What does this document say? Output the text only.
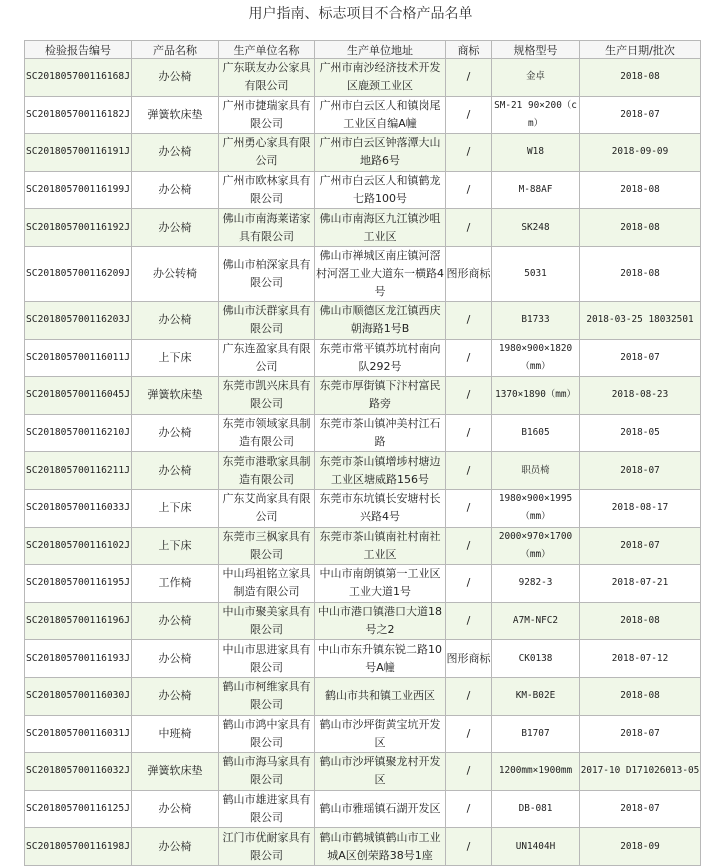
用户指南、标志项目不合格产品名单
检验报告编号	产品名称	生产单位名称	生产单位地址	商标	规格型号	生产日期/批次

SC201805700116168J	办公椅	广东联友办公家具有限公司	广州市南沙经济技术开发区鹿颈工业区	/	金卓	2018-08

SC201805700116182J	弹簧软床垫	广州市捷瑞家具有限公司	广州市白云区人和镇岗尾工业区自编A幢	/	SM-21 90×200（cm）	2018-07

SC201805700116191J	办公椅	广州勇心家具有限公司	广州市白云区钟落潭大山地路6号	/	W18	2018-09-09

SC201805700116199J	办公椅	广州市欧林家具有限公司	广州市白云区人和镇鹤龙七路100号	/	M-88AF	2018-08

SC201805700116192J	办公椅	佛山市南海莱诺家具有限公司	佛山市南海区九江镇沙咀工业区	/	SK248	2018-08

SC201805700116209J	办公转椅	佛山市柏深家具有限公司	佛山市禅城区南庄镇河滘村河滘工业大道东一横路4号	图形商标	5031	2018-08

SC201805700116203J	办公椅	佛山市沃群家具有限公司	佛山市顺德区龙江镇西庆朝海路1号B	/	B1733	2018-03-25 18032501

SC201805700116011J	上下床	广东连盈家具有限公司	东莞市常平镇苏坑村南向队292号	/	1980×900×1820（mm）	2018-07

SC201805700116045J	弹簧软床垫	东莞市凯兴床具有限公司	东莞市厚街镇下汴村富民路旁	/	1370×1890（mm）	2018-08-23

SC201805700116210J	办公椅	东莞市领域家具制造有限公司	东莞市茶山镇冲美村江石路	/	B1605	2018-05

SC201805700116211J	办公椅	东莞市港歌家具制造有限公司	东莞市茶山镇增埗村塘边工业区塘威路156号	/	职员椅	2018-07

SC201805700116033J	上下床	广东艾尚家具有限公司	东莞市东坑镇长安塘村长兴路4号	/	1980×900×1995（mm）	2018-08-17

SC201805700116102J	上下床	东莞市三枫家具有限公司	东莞市茶山镇南社村南社工业区	/	2000×970×1700（mm）	2018-07

SC201805700116195J	工作椅	中山玛祖铭立家具制造有限公司	中山市南朗镇第一工业区工业大道1号	/	9282-3	2018-07-21

SC201805700116196J	办公椅	中山市聚美家具有限公司	中山市港口镇港口大道18号之2	/	A7M-NFC2	2018-08

SC201805700116193J	办公椅	中山市思进家具有限公司	中山市东升镇东锐二路10号A幢	图形商标	CK0138	2018-07-12

SC201805700116030J	办公椅	鹤山市柯维家具有限公司	鹤山市共和镇工业西区	/	KM-B02E	2018-08

SC201805700116031J	中班椅	鹤山市鸿中家具有限公司	鹤山市沙坪街黄宝坑开发区	/	B1707	2018-07

SC201805700116032J	弹簧软床垫	鹤山市海马家具有限公司	鹤山市沙坪镇聚龙村开发区	/	1200mm×1900mm	2017-10 D171026013-05

SC201805700116125J	办公椅	鹤山市雄进家具有限公司	鹤山市雅瑶镇石湖开发区	/	DB-081	2018-07

SC201805700116198J	办公椅	江门市优耐家具有限公司	鹤山市鹤城镇鹤山市工业城A区创荣路38号1座	/	UN1404H	2018-09
